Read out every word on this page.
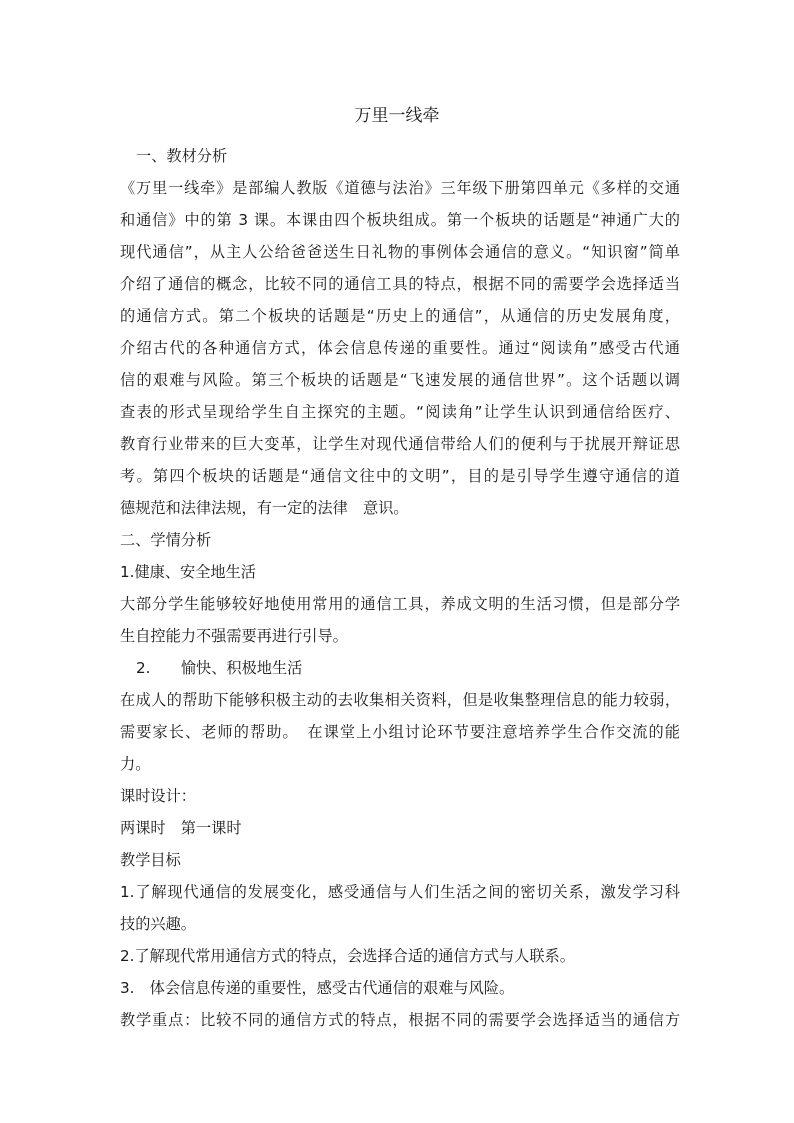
万里一线牵
一、教材分析
《万里一线牵》是部编人教版《道德与法治》三年级下册第四单元《多样的交通
和通信》中的第 3 课。本课由四个板块组成。第一个板块的话题是“神通广大的
现代通信”，从主人公给爸爸送生日礼物的事例体会通信的意义。“知识窗”简单
介绍了通信的概念，比较不同的通信工具的特点，根据不同的需要学会选择适当
的通信方式。第二个板块的话题是“历史上的通信”，从通信的历史发展角度，
介绍古代的各种通信方式，体会信息传递的重要性。通过“阅读角”感受古代通
信的艰难与风险。第三个板块的话题是“飞速发展的通信世界”。这个话题以调
查表的形式呈现给学生自主探究的主题。“阅读角”让学生认识到通信给医疗、
教育行业带来的巨大变革，让学生对现代通信带给人们的便利与于扰展开辩证思
考。第四个板块的话题是“通信文往中的文明”，目的是引导学生遵守通信的道
德规范和法律法规，有一定的法律　意识。
二、学情分析
1.健康、安全地生活
大部分学生能够较好地使用常用的通信工具，养成文明的生活习惯，但是部分学
生自控能力不强需要再进行引导。
2.　　愉快、积极地生活
在成人的帮助下能够积极主动的去收集相关资料，但是收集整理信息的能力较弱，
需要家长、老师的帮助。　在课堂上小组讨论环节要注意培养学生合作交流的能
力。
课时设计：
两课时　第一课时
教学目标
1.了解现代通信的发展变化，感受通信与人们生活之间的密切关系，激发学习科
技的兴趣。
2.了解现代常用通信方式的特点，会选择合适的通信方式与人联系。
3.　体会信息传递的重要性，感受古代通信的艰难与风险。
教学重点：比较不同的通信方式的特点，根据不同的需要学会选择适当的通信方
